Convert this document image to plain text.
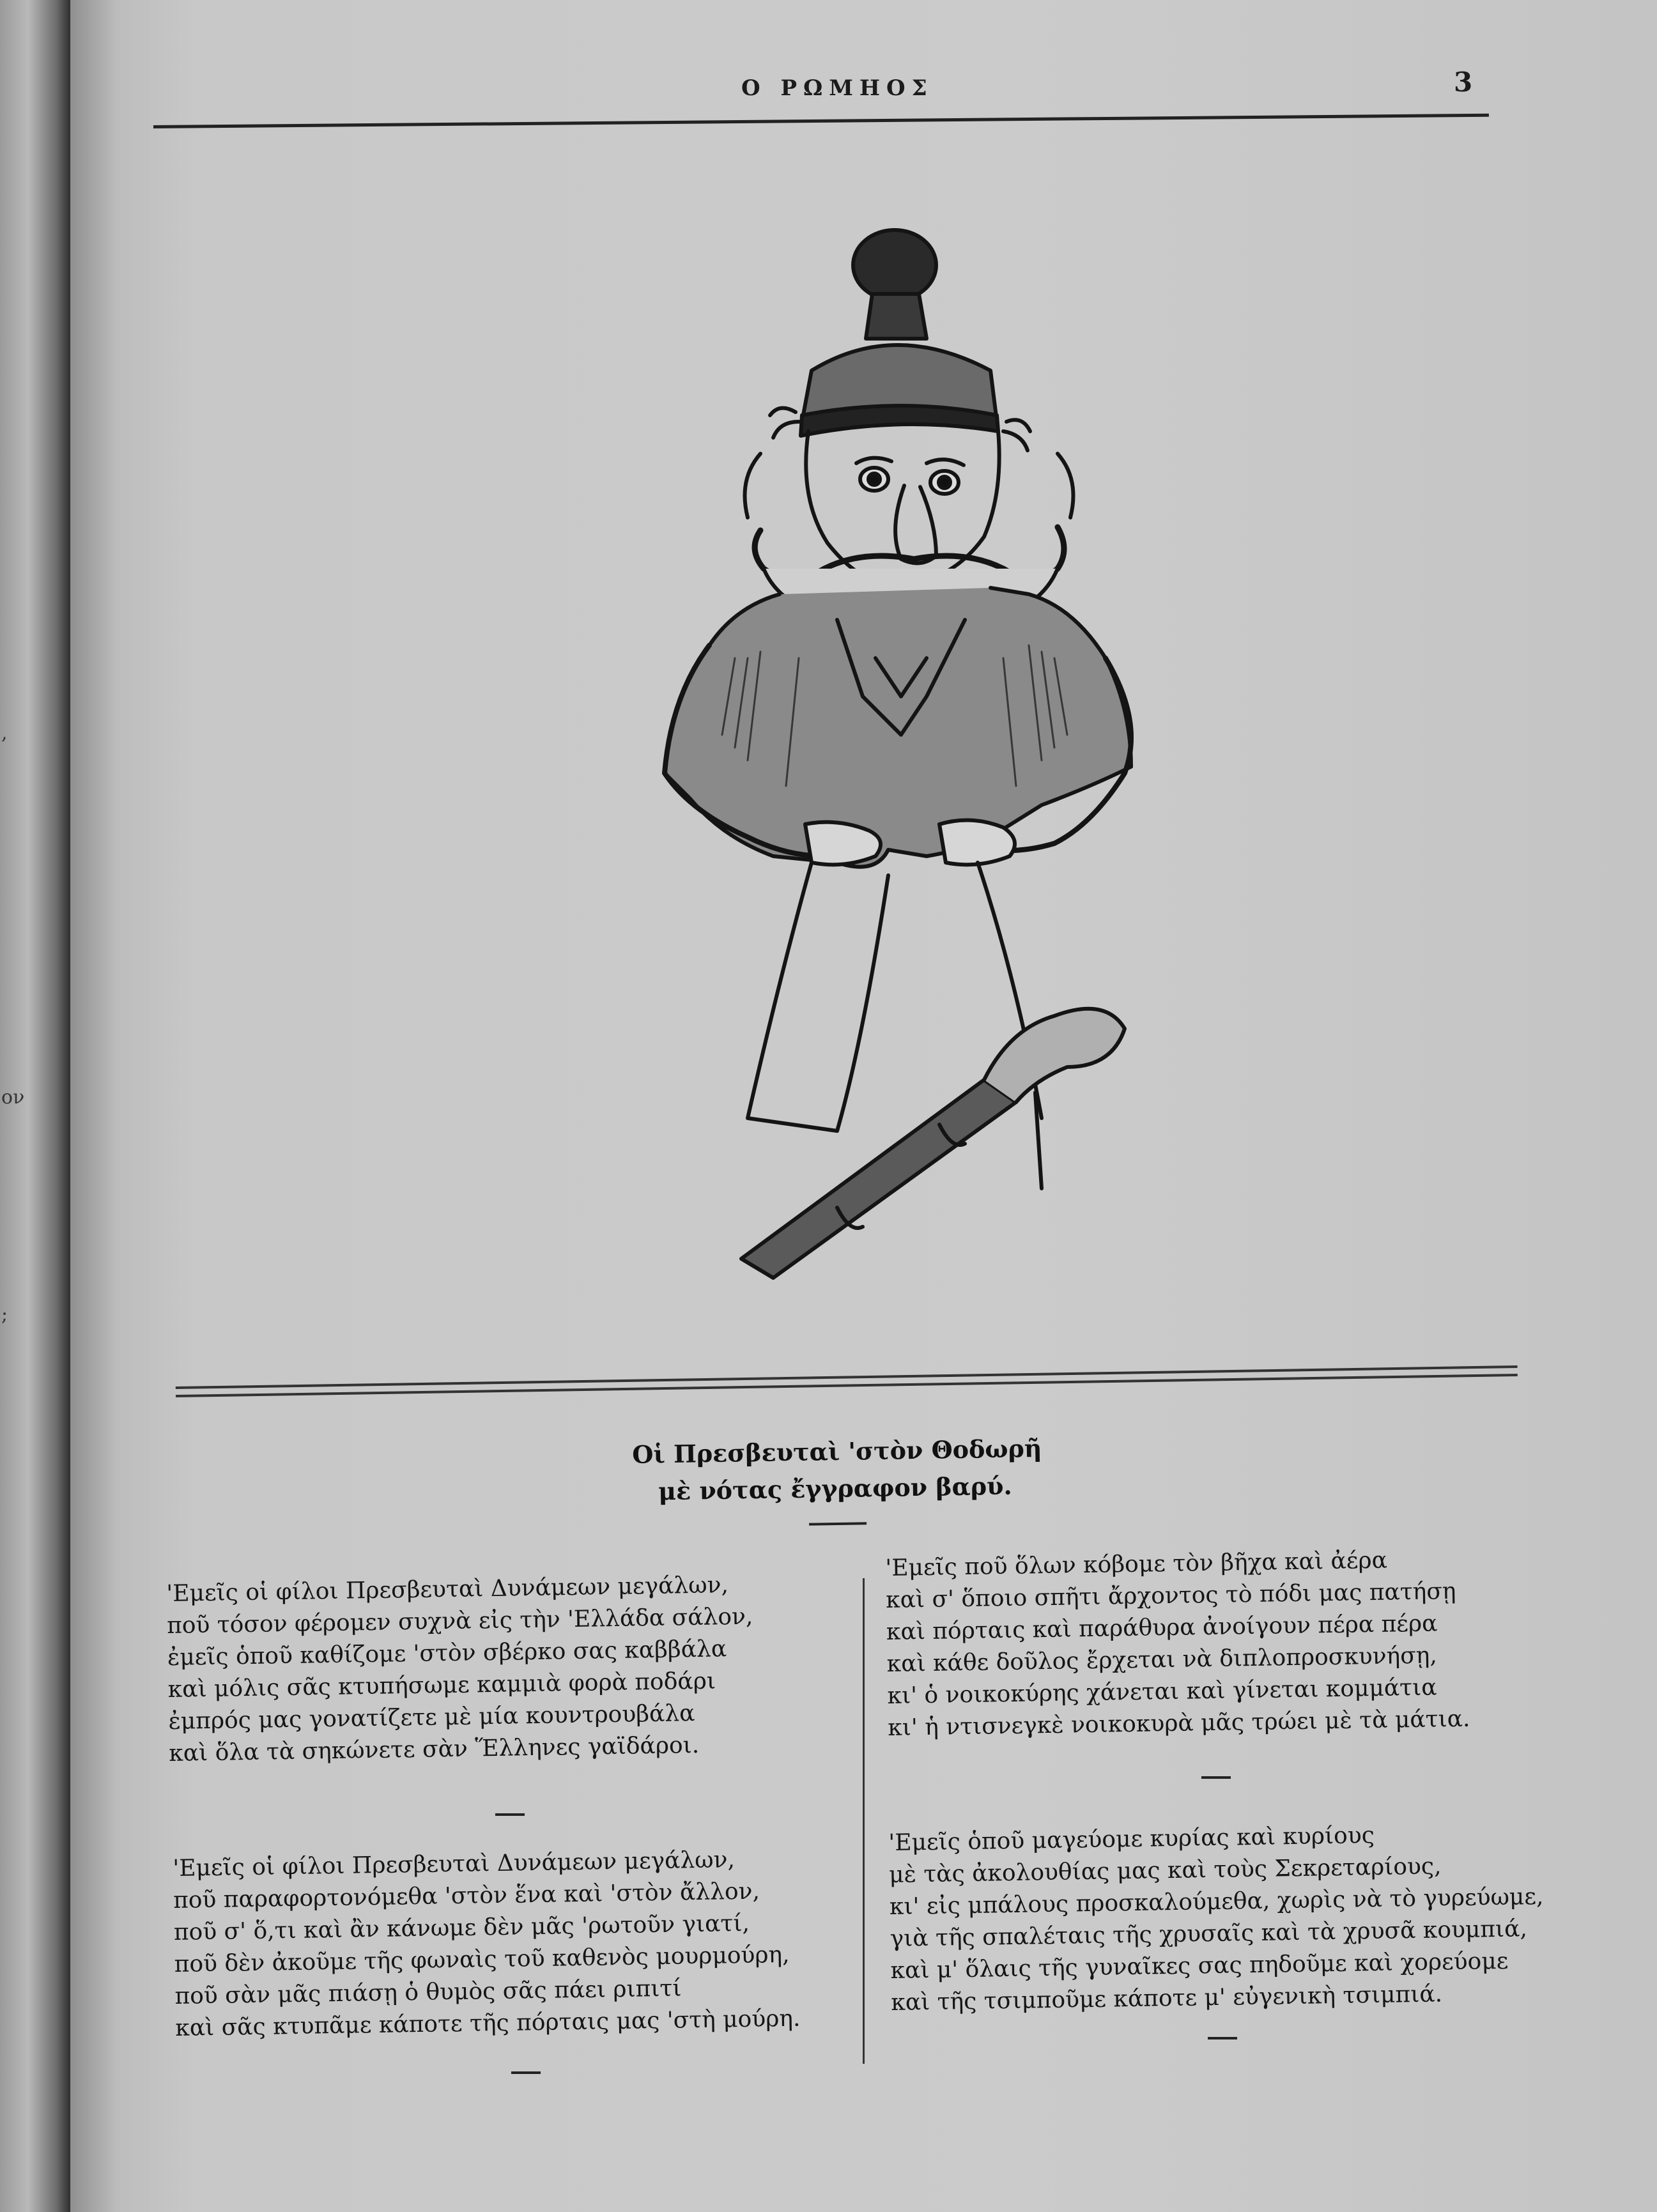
,
ον
;
Ο ΡΩΜΗΟΣ	3
Οἱ Πρεσβευταὶ 'στὸν Θοδωρῆ
μὲ νότας ἔγγραφον βαρύ.
'Εμεῖς οἱ φίλοι Πρεσβευταὶ Δυνάμεων μεγάλων,
ποῦ τόσον φέρομεν συχνὰ εἰς τὴν 'Ελλάδα σάλον,
ἐμεῖς ὁποῦ καθίζομε 'στὸν σβέρκο σας καββάλα
καὶ μόλις σᾶς κτυπήσωμε καμμιὰ φορὰ ποδάρι
ἐμπρός μας γονατίζετε μὲ μία κουντρουβάλα
καὶ ὅλα τὰ σηκώνετε σὰν Ἕλληνες γαϊδάροι.
'Εμεῖς οἱ φίλοι Πρεσβευταὶ Δυνάμεων μεγάλων,
ποῦ παραφορτονόμεθα 'στὸν ἕνα καὶ 'στὸν ἄλλον,
ποῦ σ' ὅ,τι καὶ ἂν κάνωμε δὲν μᾶς 'ρωτοῦν γιατί,
ποῦ δὲν ἀκοῦμε τῆς φωναὶς τοῦ καθενὸς μουρμούρη,
ποῦ σὰν μᾶς πιάσῃ ὁ θυμὸς σᾶς πάει ριπιτί
καὶ σᾶς κτυπᾶμε κάποτε τῆς πόρταις μας 'στὴ μούρη.
'Εμεῖς ποῦ ὅλων κόβομε τὸν βῆχα καὶ ἀέρα
καὶ σ' ὅποιο σπῆτι ἄρχοντος τὸ πόδι μας πατήσῃ
καὶ πόρταις καὶ παράθυρα ἀνοίγουν πέρα πέρα
καὶ κάθε δοῦλος ἔρχεται νὰ διπλοπροσκυνήσῃ,
κι' ὁ νοικοκύρης χάνεται καὶ γίνεται κομμάτια
κι' ἡ ντισνεγκὲ νοικοκυρὰ μᾶς τρώει μὲ τὰ μάτια.
'Εμεῖς ὁποῦ μαγεύομε κυρίας καὶ κυρίους
μὲ τὰς ἀκολουθίας μας καὶ τοὺς Σεκρεταρίους,
κι' εἰς μπάλους προσκαλούμεθα, χωρὶς νὰ τὸ γυρεύωμε,
γιὰ τῆς σπαλέταις τῆς χρυσαῖς καὶ τὰ χρυσᾶ κουμπιά,
καὶ μ' ὅλαις τῆς γυναῖκες σας πηδοῦμε καὶ χορεύομε
καὶ τῆς τσιμποῦμε κάποτε μ' εὐγενικὴ τσιμπιά.
